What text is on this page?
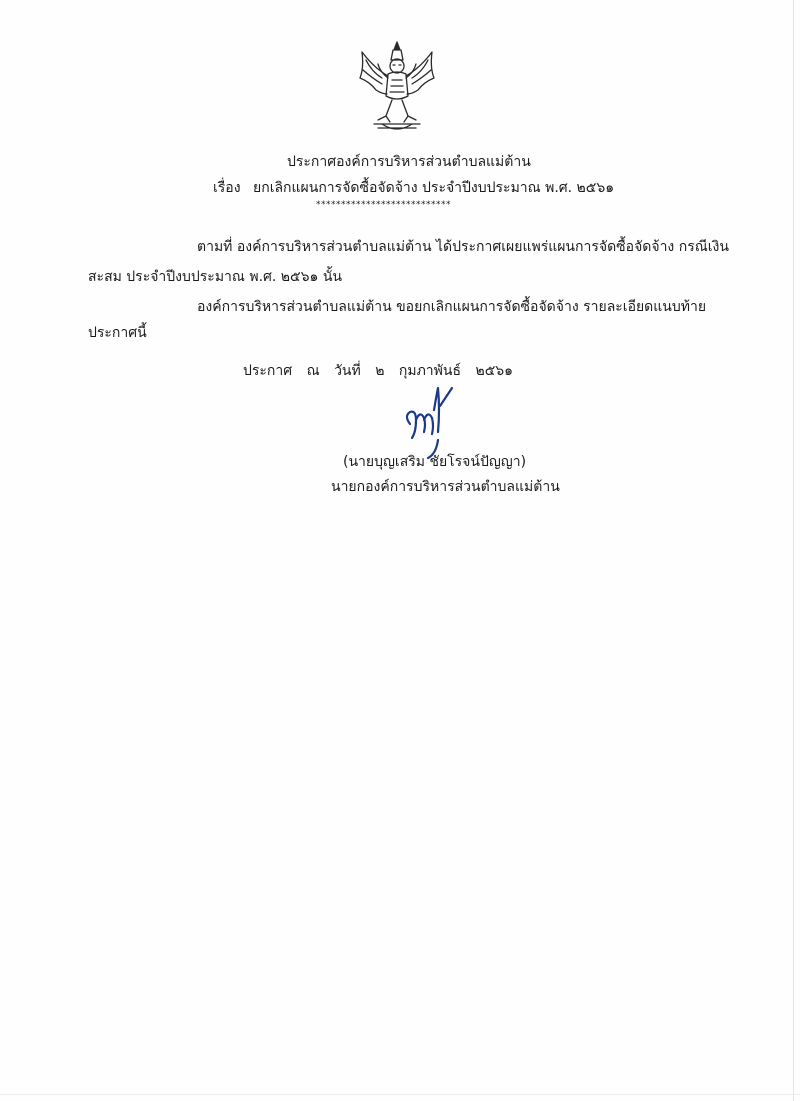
ประกาศองค์การบริหารส่วนตำบลแม่ต้าน
เรื่อง ยกเลิกแผนการจัดซื้อจัดจ้าง ประจำปีงบประมาณ พ.ศ. ๒๕๖๑
***************************
ตามที่ องค์การบริหารส่วนตำบลแม่ต้าน ได้ประกาศเผยแพร่แผนการจัดซื้อจัดจ้าง กรณีเงิน
สะสม ประจำปีงบประมาณ พ.ศ. ๒๕๖๑ นั้น
องค์การบริหารส่วนตำบลแม่ต้าน ขอยกเลิกแผนการจัดซื้อจัดจ้าง รายละเอียดแนบท้าย
ประกาศนี้
ประกาศ ณ วันที่ ๒ กุมภาพันธ์ ๒๕๖๑
(นายบุญเสริม ชัยโรจน์ปัญญา)
นายกองค์การบริหารส่วนตำบลแม่ต้าน
